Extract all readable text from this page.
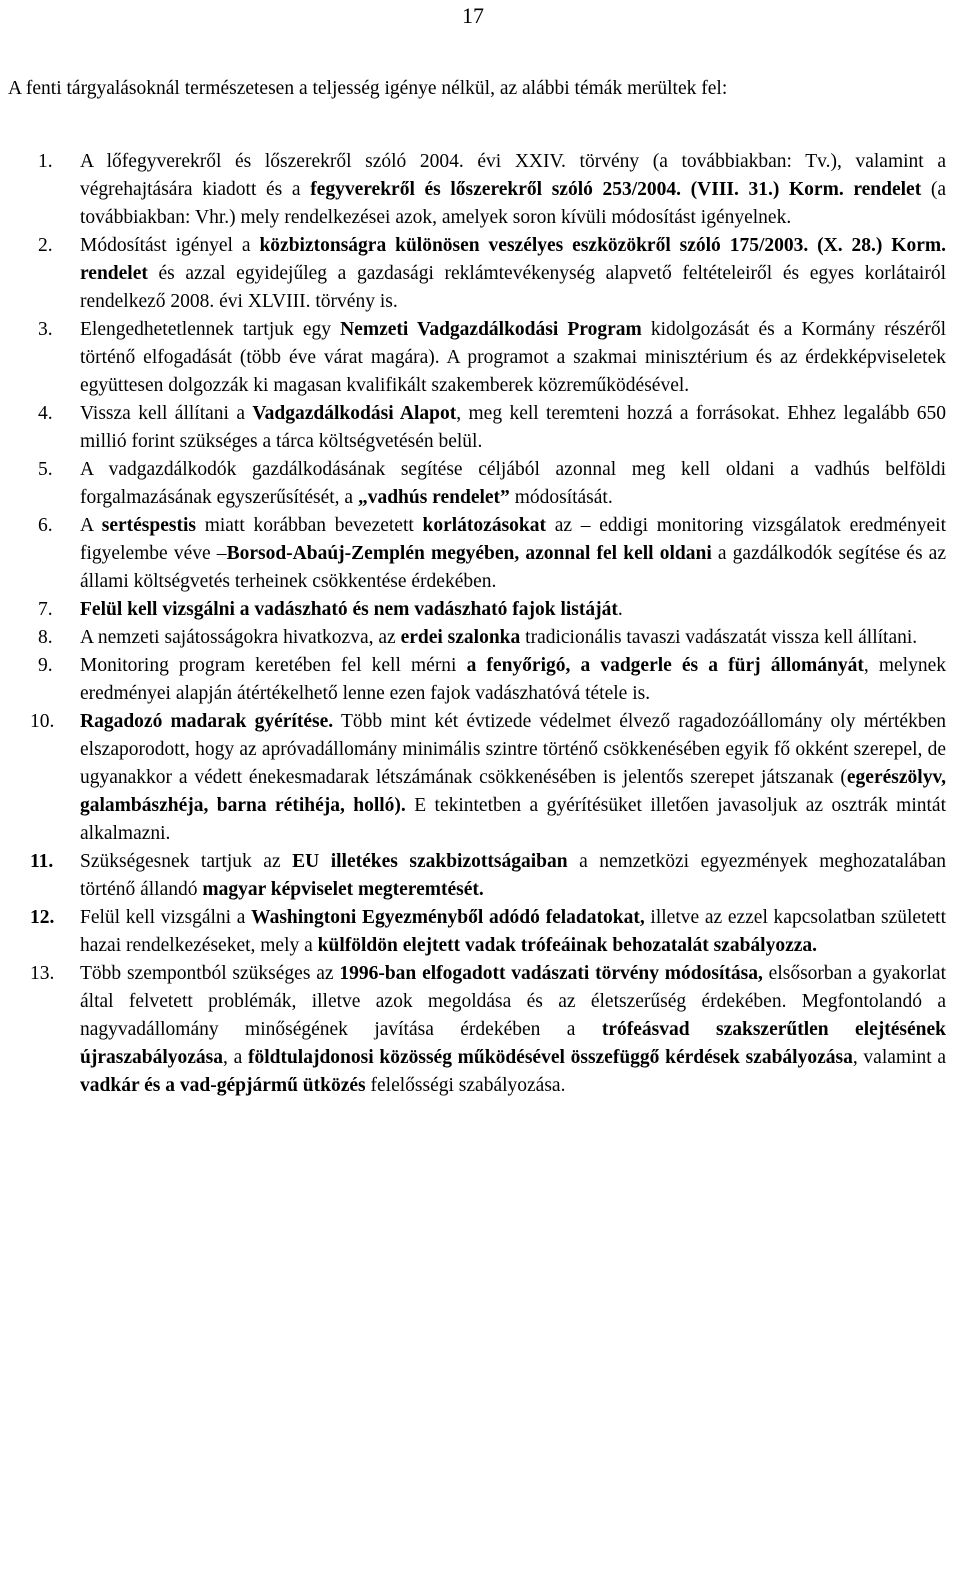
17

A fenti tárgyalásoknál természetesen a teljesség igénye nélkül, az alábbi témák merültek fel:

1.	A lőfegyverekről és lőszerekről szóló 2004. évi XXIV. törvény (a továbbiakban: Tv.), valamint a végrehajtására kiadott és a fegyverekről és lőszerekről szóló 253/2004. (VIII. 31.) Korm. rendelet (a továbbiakban: Vhr.) mely rendelkezései azok, amelyek soron kívüli módosítást igényelnek.
2.	Módosítást igényel a közbiztonságra különösen veszélyes eszközökről szóló 175/2003. (X. 28.) Korm. rendelet és azzal egyidejűleg a gazdasági reklámtevékenység alapvető feltételeiről és egyes korlátairól rendelkező 2008. évi XLVIII. törvény is.
3.	Elengedhetetlennek tartjuk egy Nemzeti Vadgazdálkodási Program kidolgozását és a Kormány részéről történő elfogadását (több éve várat magára). A programot a szakmai minisztérium és az érdekképviseletek együttesen dolgozzák ki magasan kvalifikált szakemberek közreműködésével.
4.	Vissza kell állítani a Vadgazdálkodási Alapot, meg kell teremteni hozzá a forrásokat. Ehhez legalább 650 millió forint szükséges a tárca költségvetésén belül.
5.	A vadgazdálkodók gazdálkodásának segítése céljából azonnal meg kell oldani a vadhús belföldi forgalmazásának egyszerűsítését, a „vadhús rendelet” módosítását.
6.	A sertéspestis miatt korábban bevezetett korlátozásokat az – eddigi monitoring vizsgálatok eredményeit figyelembe véve –Borsod-Abaúj-Zemplén megyében, azonnal fel kell oldani a gazdálkodók segítése és az állami költségvetés terheinek csökkentése érdekében.
7.	Felül kell vizsgálni a vadászható és nem vadászható fajok listáját.
8.	A nemzeti sajátosságokra hivatkozva, az erdei szalonka tradicionális tavaszi vadászatát vissza kell állítani.
9.	Monitoring program keretében fel kell mérni a fenyőrigó, a vadgerle és a fürj állományát, melynek eredményei alapján átértékelhető lenne ezen fajok vadászhatóvá tétele is.
10.	Ragadozó madarak gyérítése. Több mint két évtizede védelmet élvező ragadozóállomány oly mértékben elszaporodott, hogy az apróvadállomány minimális szintre történő csökkenésében egyik fő okként szerepel, de ugyanakkor a védett énekesmadarak létszámának csökkenésében is jelentős szerepet játszanak (egerészölyv, galambászhéja, barna rétihéja, holló). E tekintetben a gyérítésüket illetően javasoljuk az osztrák mintát alkalmazni.
11.	Szükségesnek tartjuk az EU illetékes szakbizottságaiban a nemzetközi egyezmények meghozatalában történő állandó magyar képviselet megteremtését.
12.	Felül kell vizsgálni a Washingtoni Egyezményből adódó feladatokat, illetve az ezzel kapcsolatban született hazai rendelkezéseket, mely a külföldön elejtett vadak trófeáinak behozatalát szabályozza.
13.	Több szempontból szükséges az 1996-ban elfogadott vadászati törvény módosítása, elsősorban a gyakorlat által felvetett problémák, illetve azok megoldása és az életszerűség érdekében. Megfontolandó a nagyvadállomány minőségének javítása érdekében a trófeásvad szakszerűtlen elejtésének újraszabályozása, a földtulajdonosi közösség működésével összefüggő kérdések szabályozása, valamint a vadkár és a vad-gépjármű ütközés felelősségi szabályozása.
